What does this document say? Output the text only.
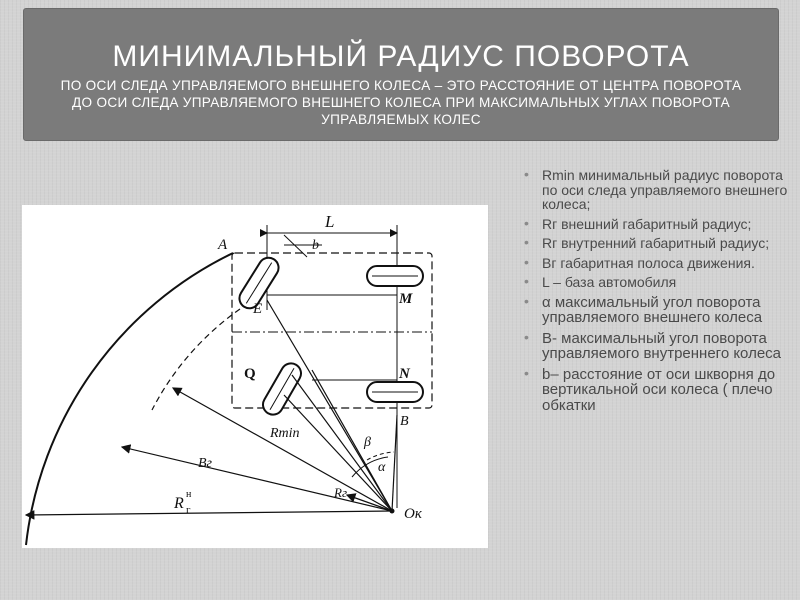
МИНИМАЛЬНЫЙ РАДИУС ПОВОРОТА
ПО ОСИ СЛЕДА УПРАВЛЯЕМОГО ВНЕШНЕГО КОЛЕСА – ЭТО РАССТОЯНИЕ ОТ ЦЕНТРА ПОВОРОТА ДО ОСИ СЛЕДА УПРАВЛЯЕМОГО ВНЕШНЕГО КОЛЕСА ПРИ МАКСИМАЛЬНЫХ УГЛАХ ПОВОРОТА УПРАВЛЯЕМЫХ КОЛЕС
L
A	b
E
M
Q	N
B
Rmin
Bг
R г
н	Rг
Oк
α
β
• Rmin минимальный радиус поворота по оси следа управляемого внешнего колеса;
• Rг внешний габаритный радиус;
• Rг внутренний габаритный радиус;
• Вг габаритная полоса движения.
• L – база автомобиля
• α максимальный угол поворота управляемого внешнего колеса
• В- максимальный угол поворота управляемого внутреннего колеса
• b– расстояние от оси шкворня до вертикальной оси колеса ( плечо обкатки
